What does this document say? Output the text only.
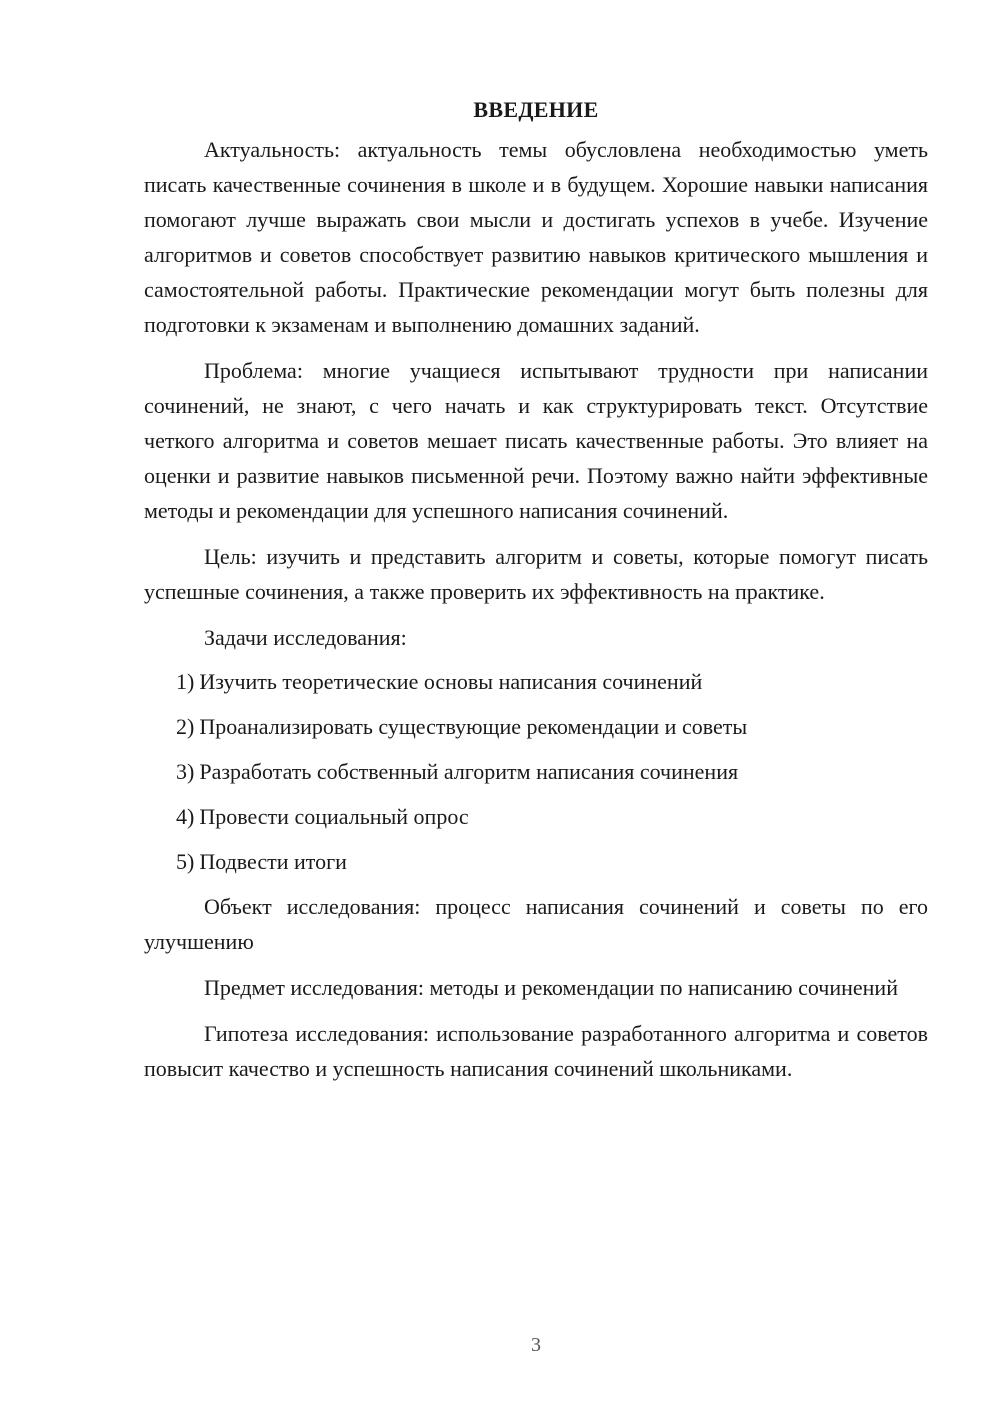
ВВЕДЕНИЕ

Актуальность: актуальность темы обусловлена необходимостью уметь писать качественные сочинения в школе и в будущем. Хорошие навыки написания помогают лучше выражать свои мысли и достигать успехов в учебе. Изучение алгоритмов и советов способствует развитию навыков критического мышления и самостоятельной работы. Практические рекомендации могут быть полезны для подготовки к экзаменам и выполнению домашних заданий.

Проблема: многие учащиеся испытывают трудности при написании сочинений, не знают, с чего начать и как структурировать текст. Отсутствие четкого алгоритма и советов мешает писать качественные работы. Это влияет на оценки и развитие навыков письменной речи. Поэтому важно найти эффективные методы и рекомендации для успешного написания сочинений.

Цель: изучить и представить алгоритм и советы, которые помогут писать успешные сочинения, а также проверить их эффективность на практике.

Задачи исследования:

1) Изучить теоретические основы написания сочинений
2) Проанализировать существующие рекомендации и советы
3) Разработать собственный алгоритм написания сочинения
4) Провести социальный опрос
5) Подвести итоги

Объект исследования: процесс написания сочинений и советы по его улучшению

Предмет исследования: методы и рекомендации по написанию сочинений

Гипотеза исследования: использование разработанного алгоритма и советов повысит качество и успешность написания сочинений школьниками.

3
